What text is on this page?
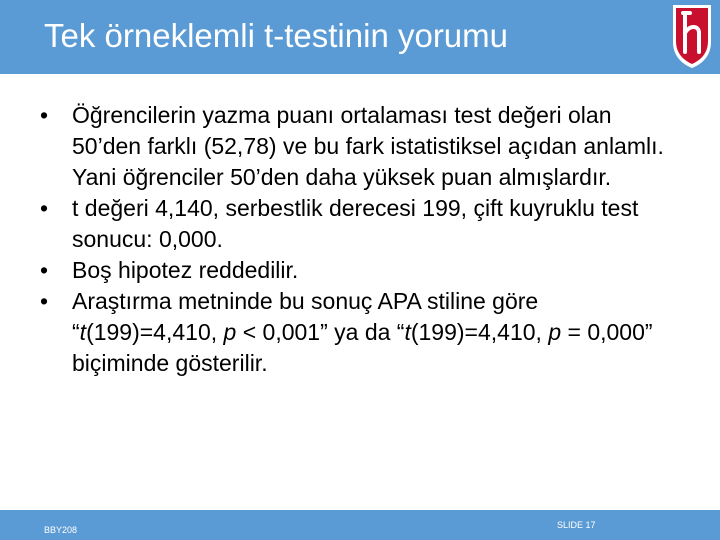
Tek örneklemli t-testinin yorumu
•	Öğrencilerin yazma puanı ortalaması test değeri olan 50’den farklı (52,78) ve bu fark istatistiksel açıdan anlamlı. Yani öğrenciler 50’den daha yüksek puan almışlardır.
•	t değeri 4,140, serbestlik derecesi 199, çift kuyruklu test sonucu: 0,000.
•	Boş hipotez reddedilir.
•	Araştırma metninde bu sonuç APA stiline göre “t(199)=4,410, p < 0,001” ya da “t(199)=4,410, p = 0,000” biçiminde gösterilir.
BBY208	SLIDE 17
